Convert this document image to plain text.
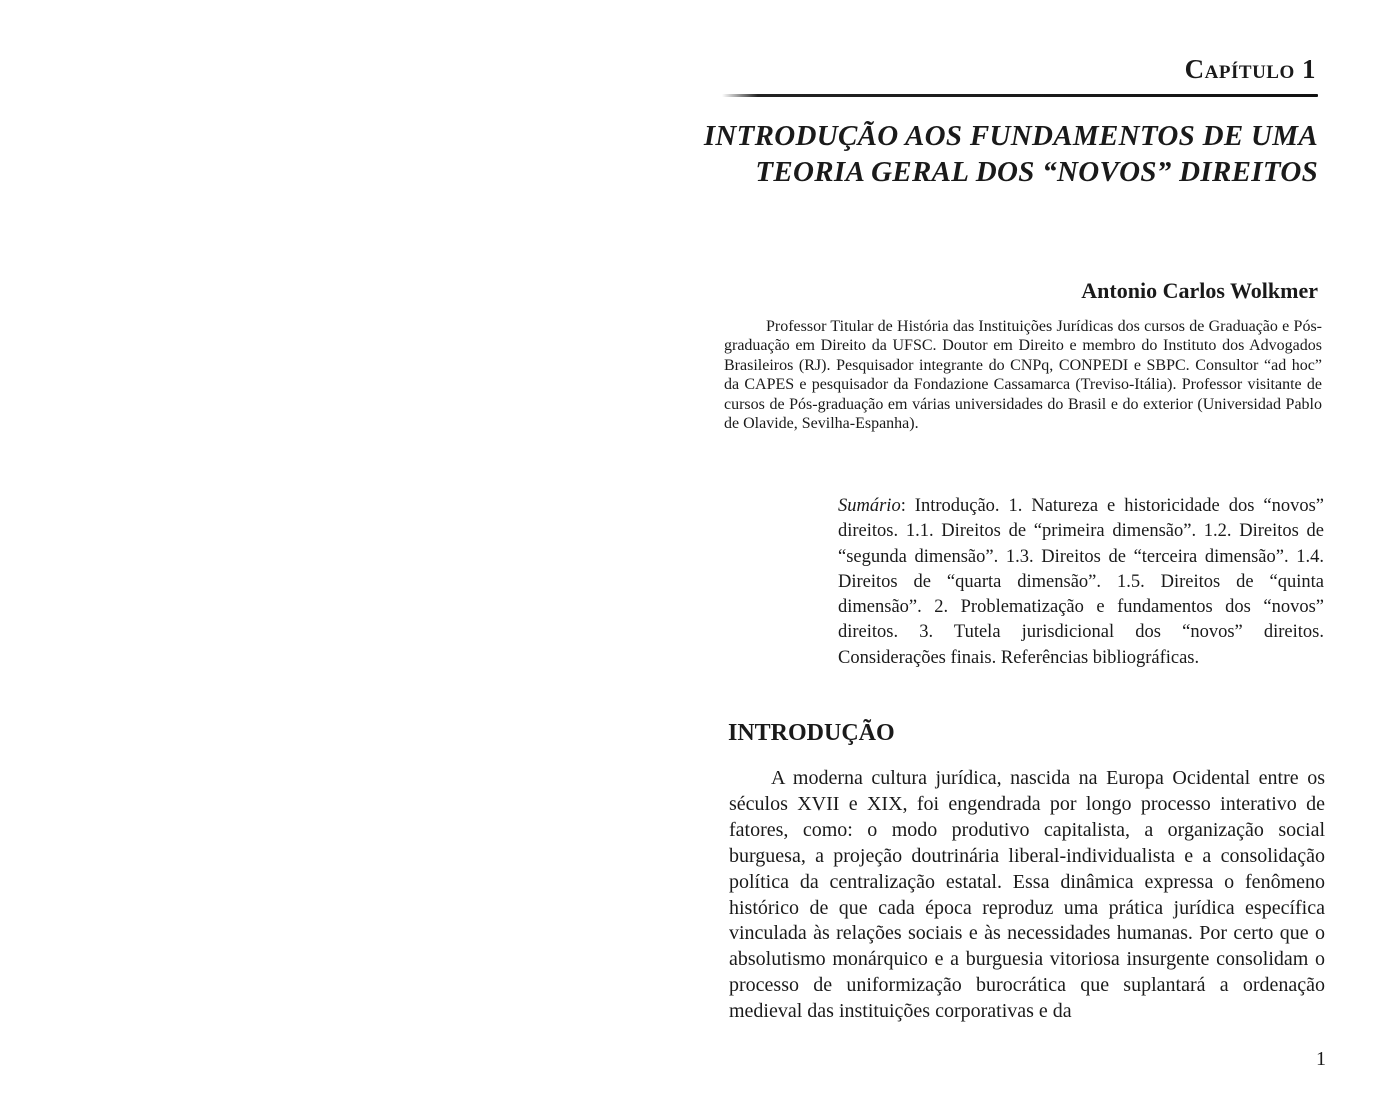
Capítulo 1
INTRODUÇÃO AOS FUNDAMENTOS DE UMA TEORIA GERAL DOS “NOVOS” DIREITOS
Antonio Carlos Wolkmer

Professor Titular de História das Instituições Jurídicas dos cursos de Graduação e Pós-graduação em Direito da UFSC. Doutor em Direito e membro do Instituto dos Advogados Brasileiros (RJ). Pesquisador integrante do CNPq, CONPEDI e SBPC. Consultor “ad hoc” da CAPES e pesquisador da Fondazione Cassamarca (Treviso-Itália). Professor visitante de cursos de Pós-graduação em várias universidades do Brasil e do exterior (Universidad Pablo de Olavide, Sevilha-Espanha).

Sumário: Introdução. 1. Natureza e historicidade dos “novos” direitos. 1.1. Direitos de “primeira dimensão”. 1.2. Direitos de “segunda dimensão”. 1.3. Direitos de “terceira dimensão”. 1.4. Direitos de “quarta dimensão”. 1.5. Direitos de “quinta dimensão”. 2. Problematização e fundamentos dos “novos” direitos. 3. Tutela jurisdicional dos “novos” direitos. Considerações finais. Referências bibliográficas.

INTRODUÇÃO

A moderna cultura jurídica, nascida na Europa Ocidental entre os séculos XVII e XIX, foi engendrada por longo processo interativo de fatores, como: o modo produtivo capitalista, a organização social burguesa, a projeção doutrinária liberal-individualista e a consolidação política da centralização estatal. Essa dinâmica expressa o fenômeno histórico de que cada época reproduz uma prática jurídica específica vinculada às relações sociais e às necessidades humanas. Por certo que o absolutismo monárquico e a burguesia vitoriosa insurgente consolidam o processo de uniformização burocrática que suplantará a ordenação medieval das instituições corporativas e da

1
